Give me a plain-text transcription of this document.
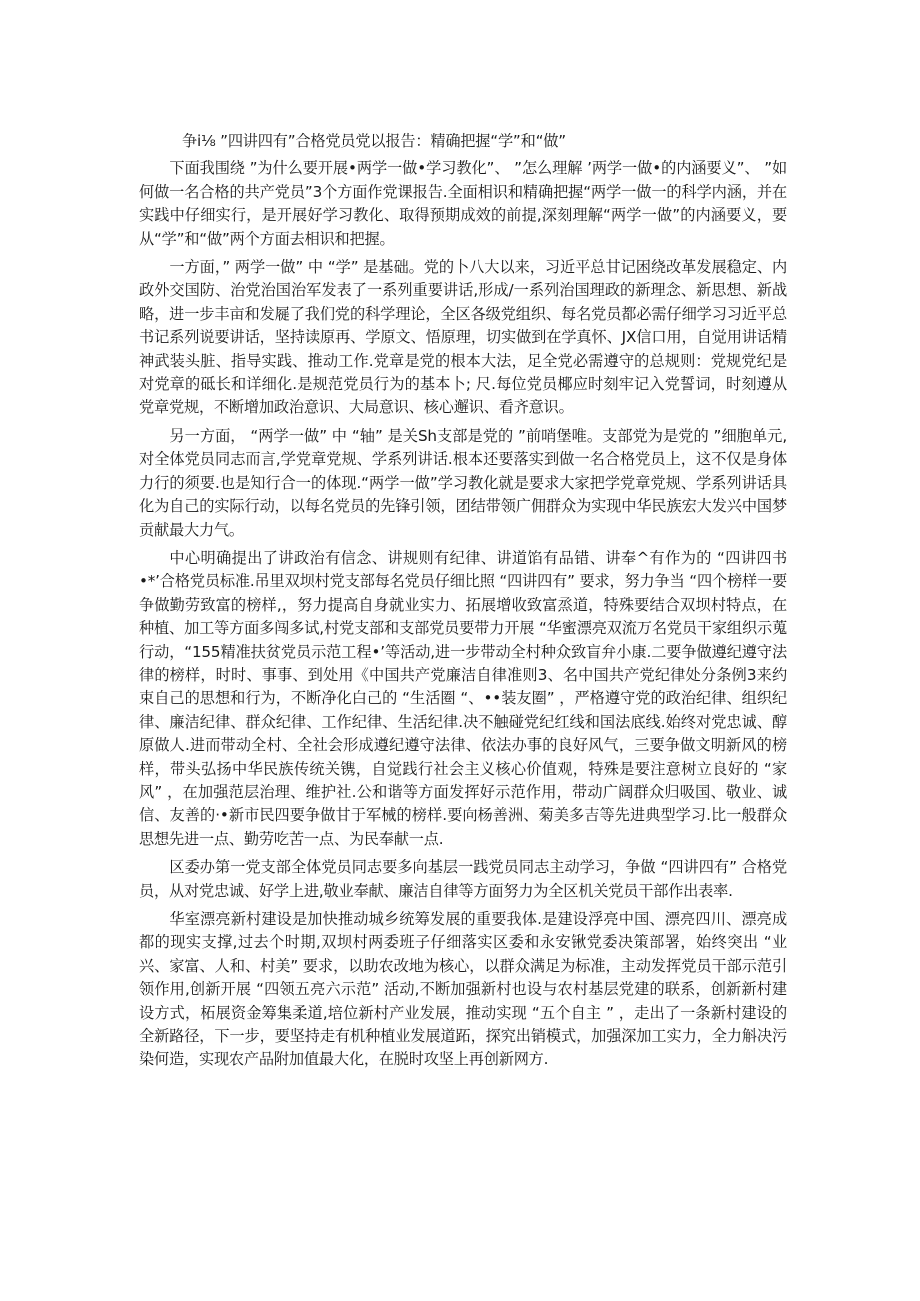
争i⅛ ”四讲四有”合格党员党以报告：精确把握“学”和“做”

下面我围绕 ”为什么要开展•两学一做•学习教化”、 ”怎么理解 ’两学一做•的内涵要义”、 ”如何做一名合格的共产党员”3个方面作党课报告.全面相识和精确把握“两学一做一的科学内涵，并在实践中仔细实行，是开展好学习教化、取得预期成效的前提,深刻理解“两学一做”的内涵要义，要从“学”和“做”两个方面去相识和把握。

一方面，” 两学一做” 中 “学” 是基础。党的卜八大以来，习近平总甘记困绕改革发展稳定、内政外交国防、治党治国治军发表了一系列重要讲话,形成/一系列治国理政的新理念、新思想、新战略，进一步丰亩和发屣了我们党的科学理论，全区各级党组织、每名党员都必需仔细学习习近平总书记系列说要讲话，坚持读原再、学原文、悟原理，切实做到在学真怀、JX信口用，自觉用讲话精神武装头脏、指导实践、推动工作.党章是党的根本大法，足全党必需遵守的总规则：党规党纪是对党章的砥长和详细化.是规范党员行为的基本卜; 尺.每位党员椰应时刻牢记入党誓词，时刻遵从党章党规，不断增加政治意识、大局意识、核心邂识、看齐意识。

另一方面， “两学一做” 中 “轴” 是关Sh支部是党的 ”前哨堡唯。支部党为是党的 ”细胞单元,对全体党员同志而言,学党章党规、学系列讲话.根本还要落实到做一名合格党员上，这不仅是身体力行的须要.也是知行合一的体现.“两学一做”学习教化就是要求大家把学党章党规、学系列讲话具化为自己的实际行动，以每名党员的先锋引领，团结带领广佣群众为实现中华民族宏大发兴中国梦贡献最大力气。

中心明确提出了讲政治有信念、讲规则有纪律、讲道馅有品错、讲奉^有作为的 “四讲四书•*’合格党员标准.吊里双坝村党支部每名党员仔细比照 “四讲四有” 要求，努力争当 “四个榜样一要争做勤劳致富的榜样,，努力提高自身就业实力、拓展增收致富烝道，特殊要结合双坝村特点，在种植、加工等方面多闯多试,村党支部和支部党员要带力开展 “华蜜漂亮双流万名党员干家组织示蒐行动，“155精准扶贫党员示范工程•’等活动,进一步带动全村种众致盲弁小康.二要争做遵纪遵守法律的榜样，时时、事事、到处用《中国共产党廉洁自律准则3、名中国共产党纪律处分条例3来约束自己的思想和行为，不断净化白己的 “生活圈 “、••装友圈” ，严格遵守党的政治纪律、组织纪律、廉洁纪律、群众纪律、工作纪律、生活纪律.决不触碰党纪红线和国法底线.始终对党忠诚、醇原做人.进而带动全村、全社会形成遵纪遵守法律、依法办事的良好风气，三要争做文明新风的榜样，带头弘扬中华民族传统关镌，自觉践行社会主义核心价值观，特殊是要注意树立良好的 “家风” ，在加强范层治理、维护社.公和谐等方面发挥好示范作用，带动广阔群众归吸国、敬业、诚信、友善的·•新市民四要争做甘于军械的榜样.要向杨善洲、菊美多吉等先进典型学习.比一般群众思想先进一点、勤劳吃苦一点、为民奉献一点.

区委办第一党支部全体党员同志要多向基层一践党员同志主动学习，争做 “四讲四有” 合格党员，从对党忠诚、好学上进,敬业奉献、廉洁自律等方面努力为全区机关党员干部作出表率.

华室漂亮新村建设是加快推动城乡统筹发展的重要我体.是建设浮亮中国、漂亮四川、漂亮成都的现实支撑,过去个时期,双坝村两委班子仔细落实区委和永安锹党委决策部署，始终突出 “业兴、家富、人和、村美” 要求，以助农改地为核心，以群众满足为标准，主动发挥党员干部示范引领作用,创新开展 “四领五亮六示范” 活动,不断加强新村也设与农村基层党建的联系，创新新村建设方式，柘展资金筹集柔道,培位新村产业发展，推动实现 “五个自主 ” ，走出了一条新村建设的全新路径，下一步，要坚持走有机种植业发展道跖，探究出销模式，加强深加工实力，全力斛决污染何造，实现农产品附加值最大化，在脱时攻坚上再创新网方.
